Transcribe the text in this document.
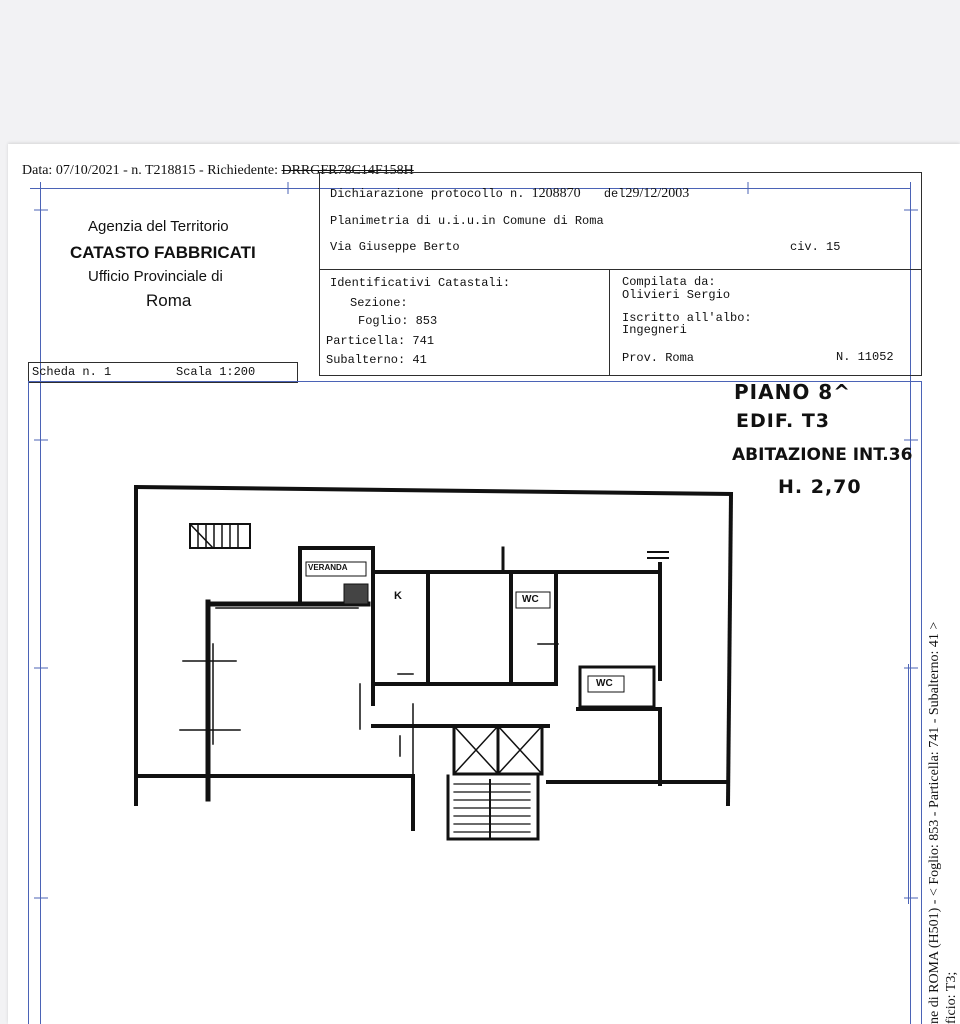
Data: 07/10/2021 - n. T218815 - Richiedente: DRRGFR78C14F158H
Agenzia del Territorio
CATASTO FABBRICATI
Ufficio Provinciale di
Roma
Dichiarazione protocollo n. 1208870 del29/12/2003
Planimetria di u.i.u.in Comune di Roma
Via Giuseppe Berto	civ. 15
Identificativi Catastali:
Sezione:
Foglio: 853
Particella: 741
Subalterno: 41
Compilata da:
Olivieri Sergio
Iscritto all'albo:
Ingegneri
Prov. Roma	N. 11052
Scheda n. 1	Scala 1:200
PIANO 8^
EDIF. T3
ABITAZIONE INT.36
H. 2,70
VERANDA
K	WC
WC	ne di ROMA (H501) - < Foglio: 853 - Particella: 741 - Subalterno: 41 > ficio: T3;
